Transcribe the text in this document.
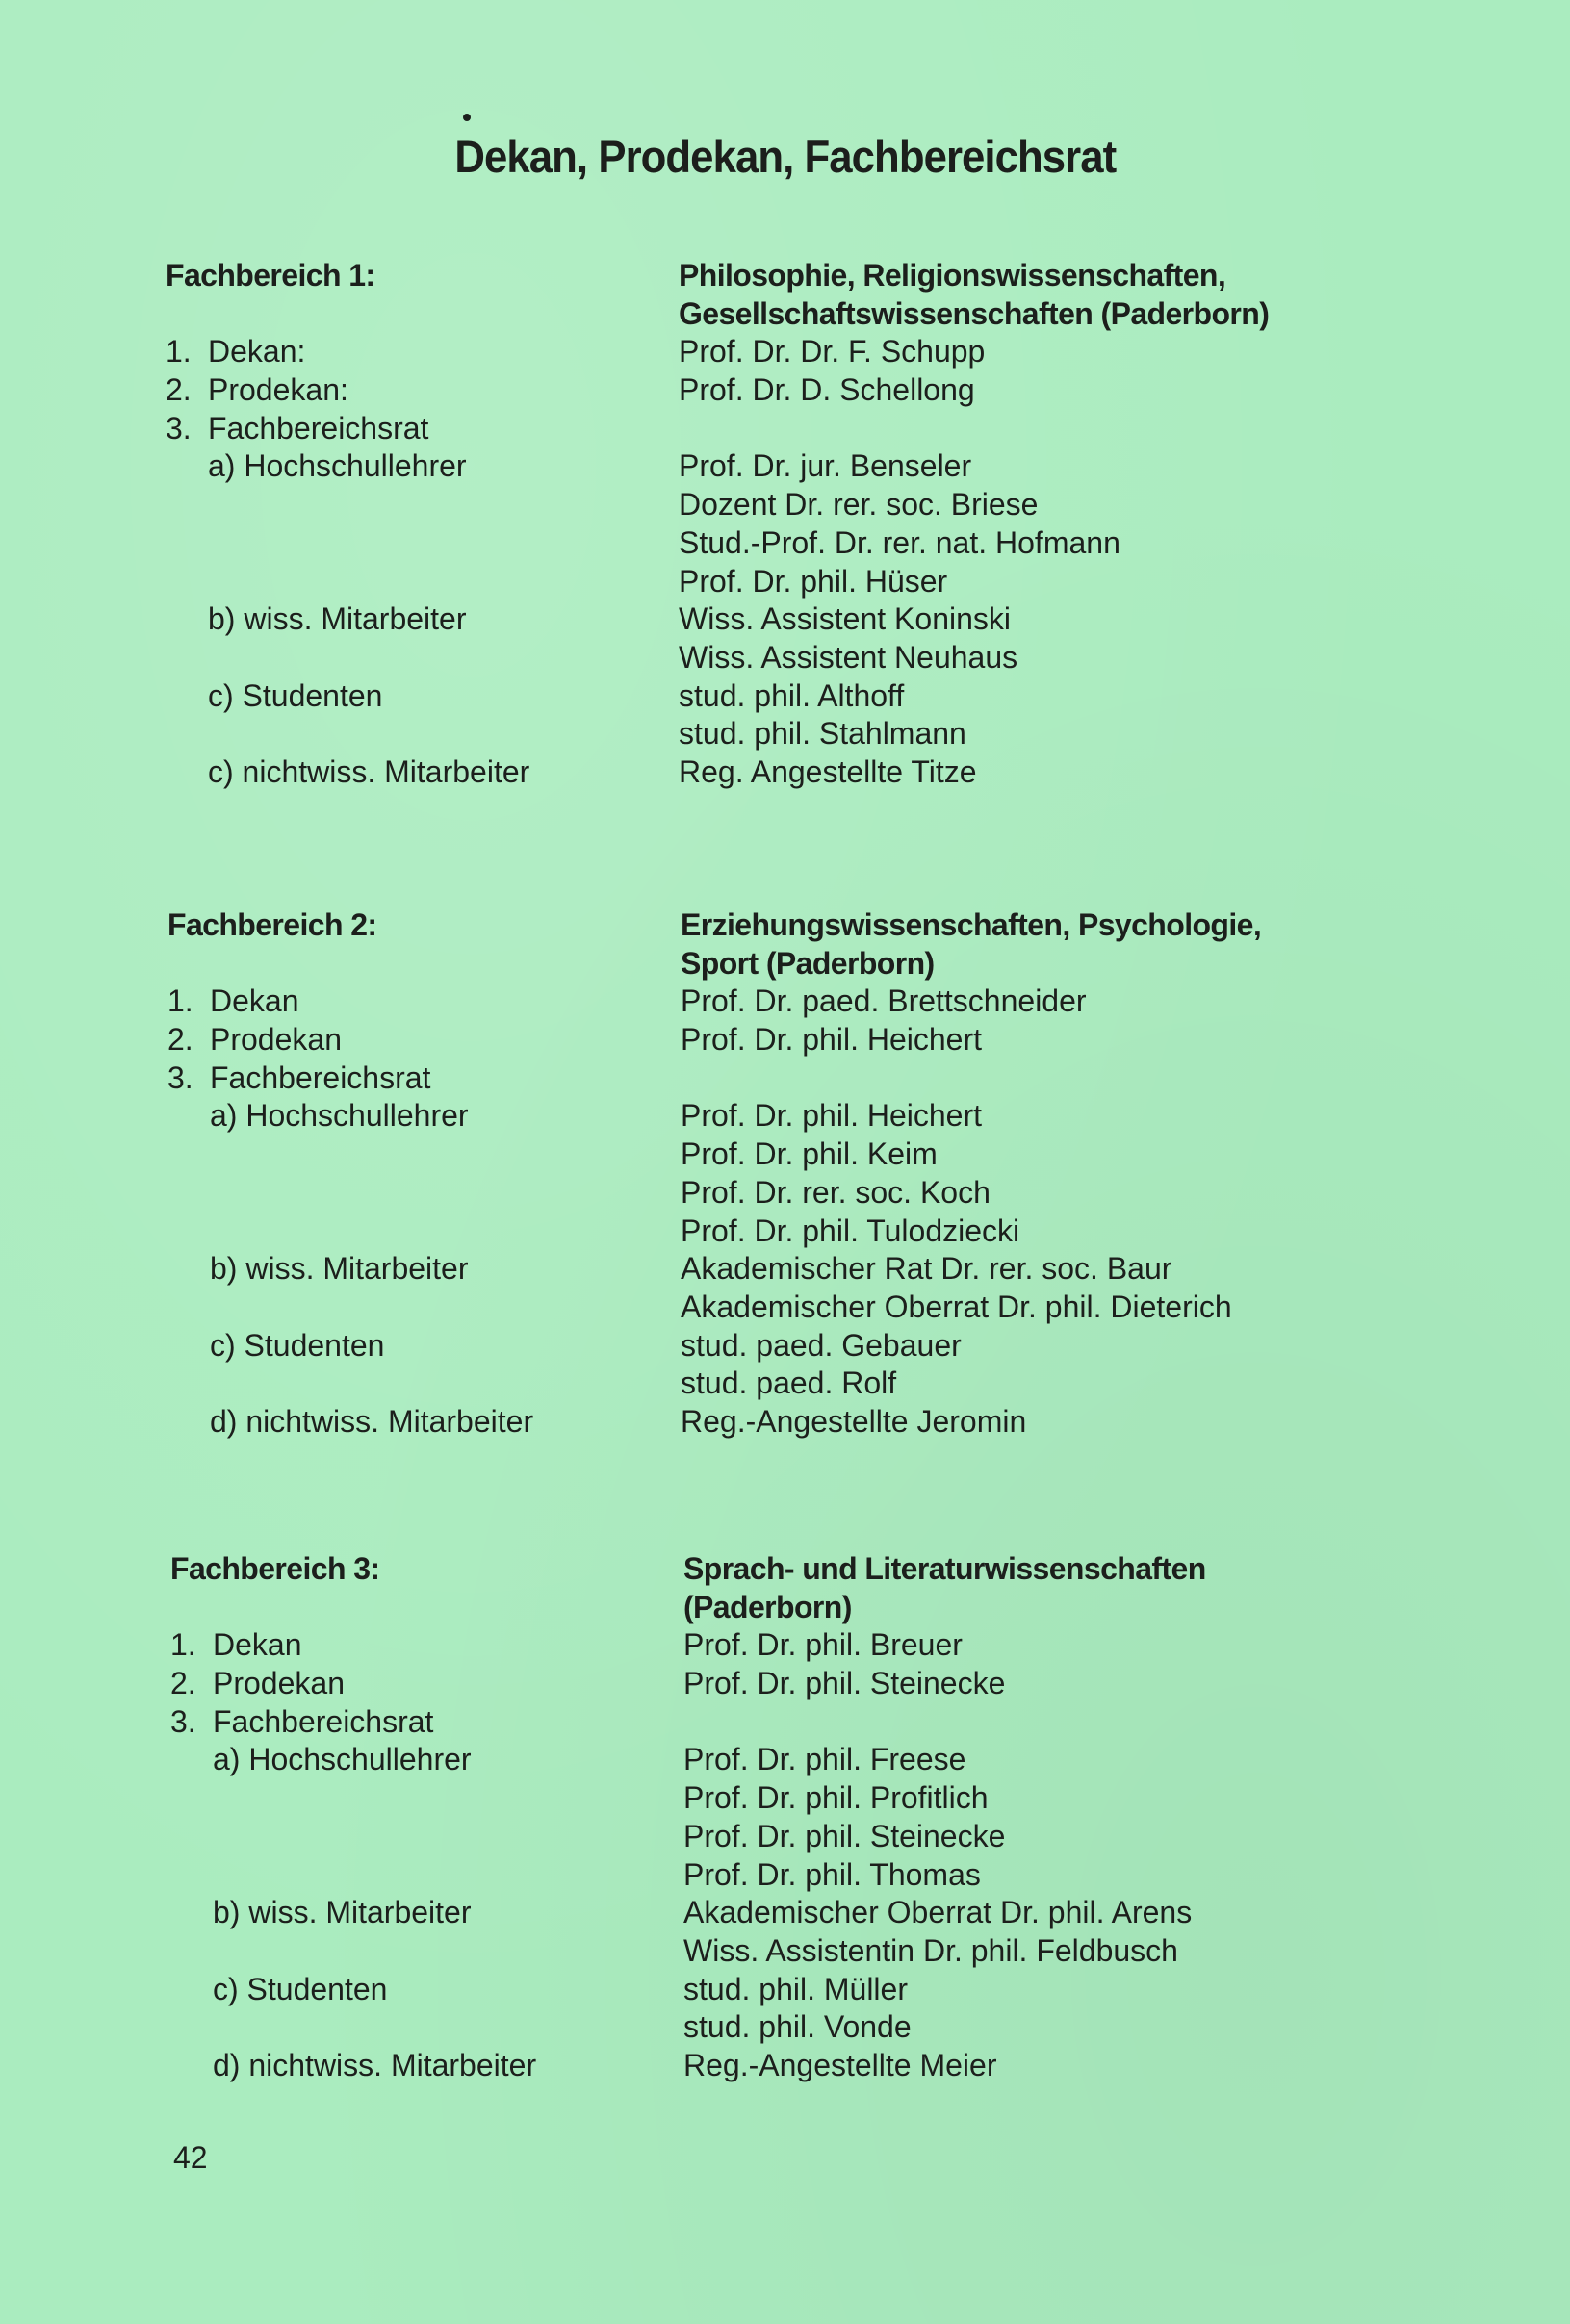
Dekan, Prodekan, Fachbereichsrat
Fachbereich 1:	Philosophie, Religionswissenschaften,
Gesellschaftswissenschaften (Paderborn)
1. Dekan:	Prof. Dr. Dr. F. Schupp
2. Prodekan:	Prof. Dr. D. Schellong
3. Fachbereichsrat
a) Hochschullehrer	Prof. Dr. jur. Benseler
Dozent Dr. rer. soc. Briese
Stud.-Prof. Dr. rer. nat. Hofmann
Prof. Dr. phil. Hüser
b) wiss. Mitarbeiter	Wiss. Assistent Koninski
Wiss. Assistent Neuhaus
c) Studenten	stud. phil. Althoff
stud. phil. Stahlmann
c) nichtwiss. Mitarbeiter	Reg. Angestellte Titze
Fachbereich 2:	Erziehungswissenschaften, Psychologie,
Sport (Paderborn)
1. Dekan	Prof. Dr. paed. Brettschneider
2. Prodekan	Prof. Dr. phil. Heichert
3. Fachbereichsrat
a) Hochschullehrer	Prof. Dr. phil. Heichert
Prof. Dr. phil. Keim
Prof. Dr. rer. soc. Koch
Prof. Dr. phil. Tulodziecki
b) wiss. Mitarbeiter	Akademischer Rat Dr. rer. soc. Baur
Akademischer Oberrat Dr. phil. Dieterich
c) Studenten	stud. paed. Gebauer
stud. paed. Rolf
d) nichtwiss. Mitarbeiter	Reg.-Angestellte Jeromin
Fachbereich 3:	Sprach- und Literaturwissenschaften
(Paderborn)
1. Dekan	Prof. Dr. phil. Breuer
2. Prodekan	Prof. Dr. phil. Steinecke
3. Fachbereichsrat
a) Hochschullehrer	Prof. Dr. phil. Freese
Prof. Dr. phil. Profitlich
Prof. Dr. phil. Steinecke
Prof. Dr. phil. Thomas
b) wiss. Mitarbeiter	Akademischer Oberrat Dr. phil. Arens
Wiss. Assistentin Dr. phil. Feldbusch
c) Studenten	stud. phil. Müller
stud. phil. Vonde
d) nichtwiss. Mitarbeiter	Reg.-Angestellte Meier
42
